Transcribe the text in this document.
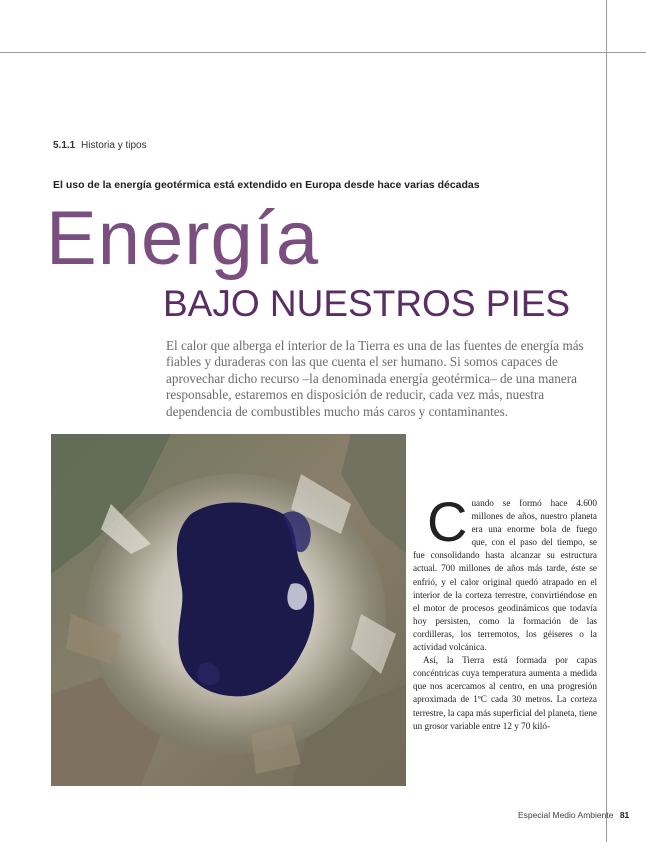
5.1.1 Historia y tipos
El uso de la energía geotérmica está extendido en Europa desde hace varias décadas
Energía
BAJO NUESTROS PIES
El calor que alberga el interior de la Tierra es una de las fuentes de energía más fiables y duraderas con las que cuenta el ser humano. Si somos capaces de aprovechar dicho recurso –la denominada energía geotérmica– de una manera responsable, estaremos en disposición de reducir, cada vez más, nuestra dependencia de combustibles mucho más caros y contaminantes.

C uando se formó hace 4.600 millones de años, nuestro planeta era una enorme bola de fuego que, con el paso del tiempo, se fue consolidando hasta alcanzar su estructura actual. 700 millones de años más tarde, éste se enfrió, y el calor original quedó atrapado en el interior de la corteza terrestre, convirtiéndose en el motor de procesos geodinámicos que todavía hoy persisten, como la formación de las cordilleras, los terremotos, los géiseres o la actividad volcánica.

Así, la Tierra está formada por capas concéntricas cuya temperatura aumenta a medida que nos acercamos al centro, en una progresión aproximada de 1ºC cada 30 metros. La corteza terrestre, la capa más superficial del planeta, tiene un grosor variable entre 12 y 70 kiló-

Especial Medio Ambiente 81
